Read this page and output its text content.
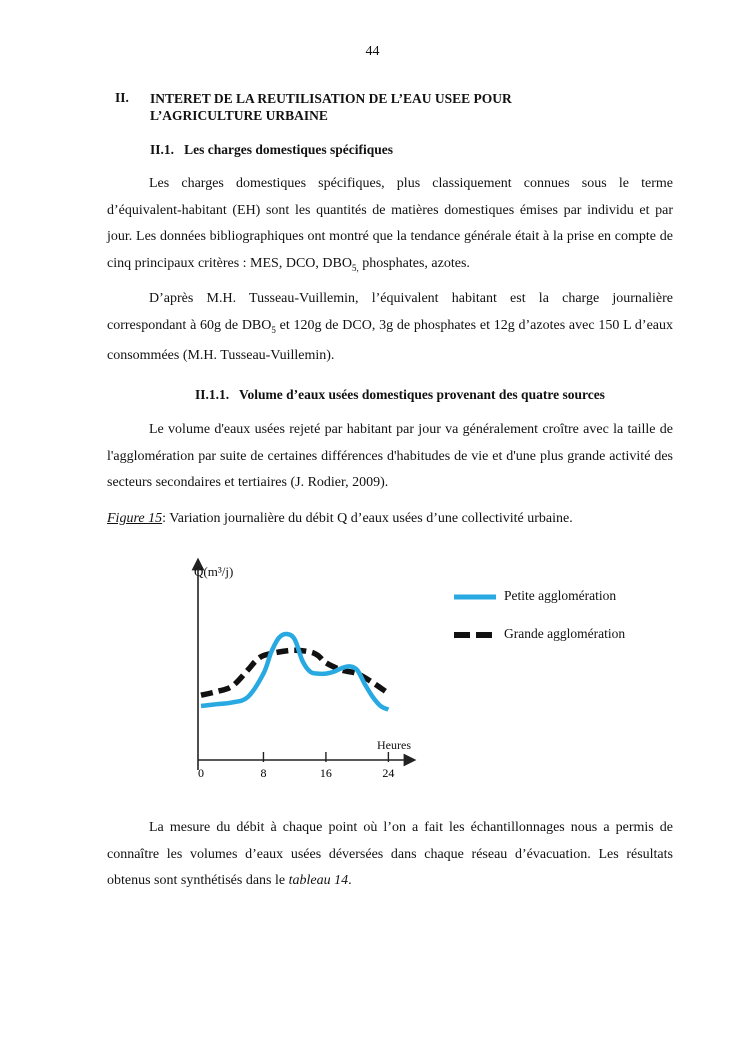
44
II. INTERET DE LA REUTILISATION DE L’EAU USEE POUR
L’AGRICULTURE URBAINE
II.1. Les charges domestiques spécifiques

Les charges domestiques spécifiques, plus classiquement connues sous le terme d’équivalent-habitant (EH) sont les quantités de matières domestiques émises par individu et par jour. Les données bibliographiques ont montré que la tendance générale était à la prise en compte de cinq principaux critères : MES, DCO, $DBO_{5,}$ phosphates, azotes.

D’après M.H. Tusseau-Vuillemin, l’équivalent habitant est la charge journalière correspondant à 60g de $DBO_5$ et 120g de DCO, 3g de phosphates et 12g d’azotes avec 150 L d’eaux consommées (M.H. Tusseau-Vuillemin).

II.1.1. Volume d’eaux usées domestiques provenant des quatre sources

Le volume d'eaux usées rejeté par habitant par jour va généralement croître avec la taille de l'agglomération par suite de certaines différences d'habitudes de vie et d'une plus grande activité des secteurs secondaires et tertiaires (J. Rodier, 2009).

Figure 15: Variation journalière du débit Q d’eaux usées d’une collectivité urbaine.
Q(m³/j)
Heures
0	8	16	24
Petite agglomération
Grande agglomération

La mesure du débit à chaque point où l’on a fait les échantillonnages nous a permis de connaître les volumes d’eaux usées déversées dans chaque réseau d’évacuation. Les résultats obtenus sont synthétisés dans le tableau 14.
